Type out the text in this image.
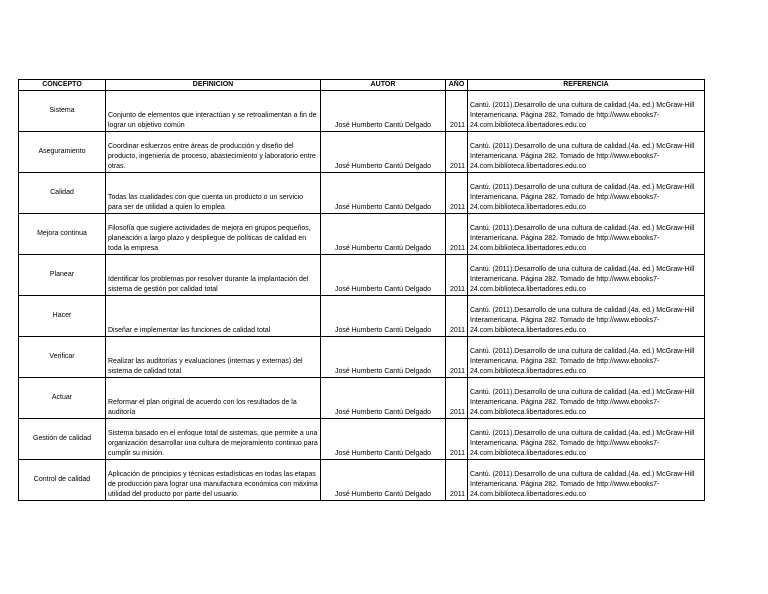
CONCEPTO	DEFINICION	AUTOR	AÑO	REFERENCIA
Sistema	Conjunto de elementos que interactúan y se retroalimentan a fin de lograr un objetivo común	José Humberto Cantú Delgado	2011	Cantú. (2011).Desarrollo de una cultura de calidad.(4a. ed.) McGraw-Hill Interamericana. Página 282. Tomado de http://www.ebooks7-24.com.biblioteca.libertadores.edu.co
Aseguramiento	Coordinar esfuerzos entre áreas de producción y diseño del producto, ingeniería de proceso, abastecimiento y laboratorio entre otras.	José Humberto Cantú Delgado	2011	Cantú. (2011).Desarrollo de una cultura de calidad.(4a. ed.) McGraw-Hill Interamericana. Página 282. Tomado de http://www.ebooks7-24.com.biblioteca.libertadores.edu.co
Calidad	Todas las cualidades con que cuenta un producto o un servicio para ser de utilidad a quien lo emplea	José Humberto Cantú Delgado	2011	Cantú. (2011).Desarrollo de una cultura de calidad.(4a. ed.) McGraw-Hill Interamericana. Página 282. Tomado de http://www.ebooks7-24.com.biblioteca.libertadores.edu.co
Mejora continua	Filosofía que sugiere actividades de mejora en grupos pequeños, planeación a largo plazo y despliegue de políticas de calidad en toda la empresa	José Humberto Cantú Delgado	2011	Cantú. (2011).Desarrollo de una cultura de calidad.(4a. ed.) McGraw-Hill Interamericana. Página 282. Tomado de http://www.ebooks7-24.com.biblioteca.libertadores.edu.co
Planear	Identificar los problemas por resolver durante la implantación del sistema de gestión por calidad total	José Humberto Cantú Delgado	2011	Cantú. (2011).Desarrollo de una cultura de calidad.(4a. ed.) McGraw-Hill Interamericana. Página 282. Tomado de http://www.ebooks7-24.com.biblioteca.libertadores.edu.co
Hacer	Diseñar e implementar las funciones de calidad total	José Humberto Cantú Delgado	2011	Cantú. (2011).Desarrollo de una cultura de calidad.(4a. ed.) McGraw-Hill Interamericana. Página 282. Tomado de http://www.ebooks7-24.com.biblioteca.libertadores.edu.co
Verificar	Realizar las auditorías y evaluaciones (internas y externas) del sistema de calidad total	José Humberto Cantú Delgado	2011	Cantú. (2011).Desarrollo de una cultura de calidad.(4a. ed.) McGraw-Hill Interamericana. Página 282. Tomado de http://www.ebooks7-24.com.biblioteca.libertadores.edu.co
Actuar	Reformar el plan original de acuerdo con los resultados de la auditoría	José Humberto Cantú Delgado	2011	Cantú. (2011).Desarrollo de una cultura de calidad.(4a. ed.) McGraw-Hill Interamericana. Página 282. Tomado de http://www.ebooks7-24.com.biblioteca.libertadores.edu.co
Gestión de calidad	Sistema basado en el enfoque total de sistemas, que permite a una organización desarrollar una cultura de mejoramiento continuo para cumplir su misión.	José Humberto Cantú Delgado	2011	Cantú. (2011).Desarrollo de una cultura de calidad.(4a. ed.) McGraw-Hill Interamericana. Página 282. Tomado de http://www.ebooks7-24.com.biblioteca.libertadores.edu.co
Control de calidad	Aplicación de principios y técnicas estadísticas en todas las etapas de producción para lograr una manufactura económica con máxima utilidad del producto por parte del usuario.	José Humberto Cantú Delgado	2011	Cantú. (2011).Desarrollo de una cultura de calidad.(4a. ed.) McGraw-Hill Interamericana. Página 282. Tomado de http://www.ebooks7-24.com.biblioteca.libertadores.edu.co
